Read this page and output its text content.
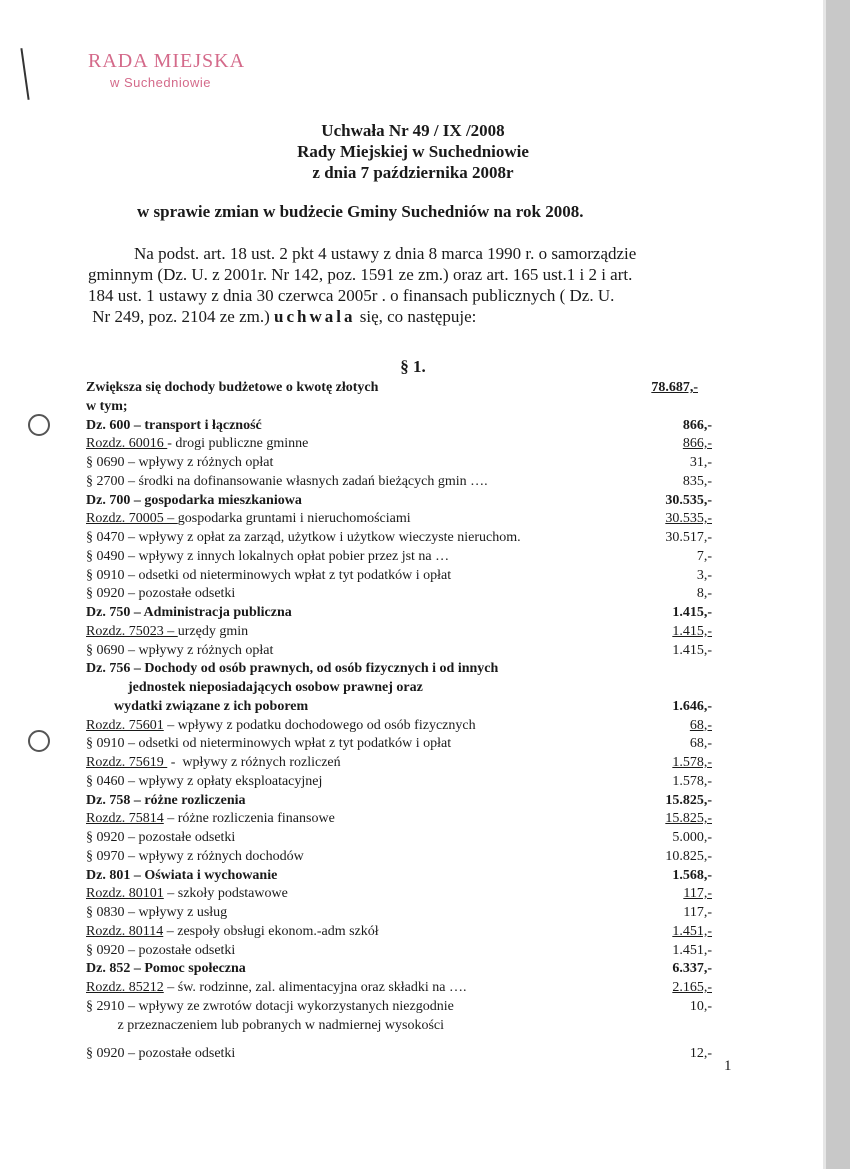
RADA MIEJSKA
w Suchedniowie
Uchwała Nr 49 / IX /2008
Rady Miejskiej w Suchedniowie
z dnia 7 października 2008r
w sprawie zmian w budżecie Gminy Suchedniów na rok 2008.
Na podst. art. 18 ust. 2 pkt 4 ustawy z dnia 8 marca 1990 r. o samorządzie
gminnym (Dz. U. z 2001r. Nr 142, poz. 1591 ze zm.) oraz art. 165 ust.1 i 2 i art.
184 ust. 1 ustawy z dnia 30 czerwca 2005r . o finansach publicznych ( Dz. U.
Nr 249, poz. 2104 ze zm.) uchwala się, co następuje:
§ 1.
Zwiększa się dochody budżetowe o kwotę złotych	78.687,-
w tym;
Dz. 600 – transport i łączność	866,-
Rozdz. 60016 - drogi publiczne gminne	866,-
§ 0690 – wpływy z różnych opłat	31,-
§ 2700 – środki na dofinansowanie własnych zadań bieżących gmin ….	835,-
Dz. 700 – gospodarka mieszkaniowa	30.535,-
Rozdz. 70005 – gospodarka gruntami i nieruchomościami	30.535,-
§ 0470 – wpływy z opłat za zarząd, użytkow i użytkow wieczyste nieruchom.	30.517,-
§ 0490 – wpływy z innych lokalnych opłat pobier przez jst na …	7,-
§ 0910 – odsetki od nieterminowych wpłat z tyt podatków i opłat	3,-
§ 0920 – pozostałe odsetki	8,-
Dz. 750 – Administracja publiczna	1.415,-
Rozdz. 75023 – urzędy gmin	1.415,-
§ 0690 – wpływy z różnych opłat	1.415,-
Dz. 756 – Dochody od osób prawnych, od osób fizycznych i od innych
jednostek nieposiadających osobow prawnej oraz
wydatki związane z ich poborem	1.646,-
Rozdz. 75601 – wpływy z podatku dochodowego od osób fizycznych	68,-
§ 0910 – odsetki od nieterminowych wpłat z tyt podatków i opłat	68,-
Rozdz. 75619  -  wpływy z różnych rozliczeń	1.578,-
§ 0460 – wpływy z opłaty eksploatacyjnej	1.578,-
Dz. 758 – różne rozliczenia	15.825,-
Rozdz. 75814 – różne rozliczenia finansowe	15.825,-
§ 0920 – pozostałe odsetki	5.000,-
§ 0970 – wpływy z różnych dochodów	10.825,-
Dz. 801 – Oświata i wychowanie	1.568,-
Rozdz. 80101 – szkoły podstawowe	117,-
§ 0830 – wpływy z usług	117,-
Rozdz. 80114 – zespoły obsługi ekonom.-adm szkół	1.451,-
§ 0920 – pozostałe odsetki	1.451,-
Dz. 852 – Pomoc społeczna	6.337,-
Rozdz. 85212 – św. rodzinne, zal. alimentacyjna oraz składki na ….	2.165,-
§ 2910 – wpływy ze zwrotów dotacji wykorzystanych niezgodnie	10,-
z przeznaczeniem lub pobranych w nadmiernej wysokości
§ 0920 – pozostałe odsetki	12,-
1
